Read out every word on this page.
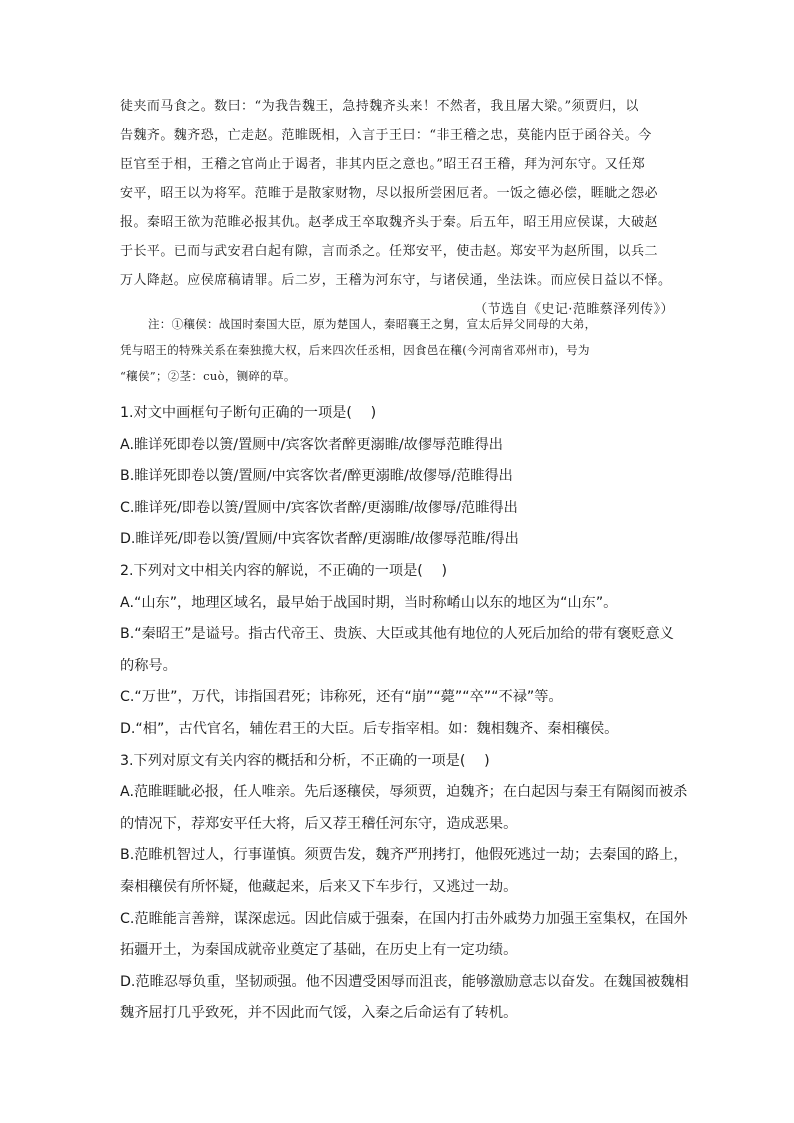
徒夹而马食之。数曰：“为我告魏王，急持魏齐头来！不然者，我且屠大梁。”须贾归，以
告魏齐。魏齐恐，亡走赵。范睢既相，入言于王曰：“非王稽之忠，莫能内臣于函谷关。今
臣官至于相，王稽之官尚止于谒者，非其内臣之意也。”昭王召王稽，拜为河东守。又任郑
安平，昭王以为将军。范睢于是散家财物，尽以报所尝困厄者。一饭之德必偿，睚眦之怨必
报。秦昭王欲为范睢必报其仇。赵孝成王卒取魏齐头于秦。后五年，昭王用应侯谋，大破赵
于长平。已而与武安君白起有隙，言而杀之。任郑安平，使击赵。郑安平为赵所围，以兵二
万人降赵。应侯席稿请罪。后二岁，王稽为河东守，与诸侯通，坐法诛。而应侯日益以不怿。
（节选自《史记·范睢蔡泽列传》）
注：①穰侯：战国时秦国大臣，原为楚国人，秦昭襄王之舅，宣太后异父同母的大弟，
凭与昭王的特殊关系在秦独揽大权，后来四次任丞相，因食邑在穰(今河南省邓州市)，号为
“穰侯”；②茎：cuò，铡碎的草。
1.对文中画框句子断句正确的一项是(　 )
A.睢详死即卷以箦/置厕中/宾客饮者醉更溺睢/故僇辱范睢得出
B.睢详死即卷以箦/置厕/中宾客饮者/醉更溺睢/故僇辱/范睢得出
C.睢详死/即卷以箦/置厕中/宾客饮者醉/更溺睢/故僇辱/范睢得出
D.睢详死/即卷以箦/置厕/中宾客饮者醉/更溺睢/故僇辱范睢/得出
2.下列对文中相关内容的解说，不正确的一项是(　 )
A.“山东”，地理区域名，最早始于战国时期，当时称崤山以东的地区为“山东”。
B.“秦昭王”是谥号。指古代帝王、贵族、大臣或其他有地位的人死后加给的带有褒贬意义
的称号。
C.“万世”，万代，讳指国君死；讳称死，还有“崩”“薨”“卒”“不禄”等。
D.“相”，古代官名，辅佐君王的大臣。后专指宰相。如：魏相魏齐、秦相穰侯。
3.下列对原文有关内容的概括和分析，不正确的一项是(　 )
A.范睢睚眦必报，任人唯亲。先后逐穰侯，辱须贾，迫魏齐；在白起因与秦王有隔阂而被杀
的情况下，荐郑安平任大将，后又荐王稽任河东守，造成恶果。
B.范睢机智过人，行事谨慎。须贾告发，魏齐严刑拷打，他假死逃过一劫；去秦国的路上，
秦相穰侯有所怀疑，他藏起来，后来又下车步行，又逃过一劫。
C.范睢能言善辩，谋深虑远。因此信威于强秦，在国内打击外戚势力加强王室集权，在国外
拓疆开土，为秦国成就帝业奠定了基础，在历史上有一定功绩。
D.范睢忍辱负重，坚韧顽强。他不因遭受困辱而沮丧，能够激励意志以奋发。在魏国被魏相
魏齐屈打几乎致死，并不因此而气馁，入秦之后命运有了转机。
